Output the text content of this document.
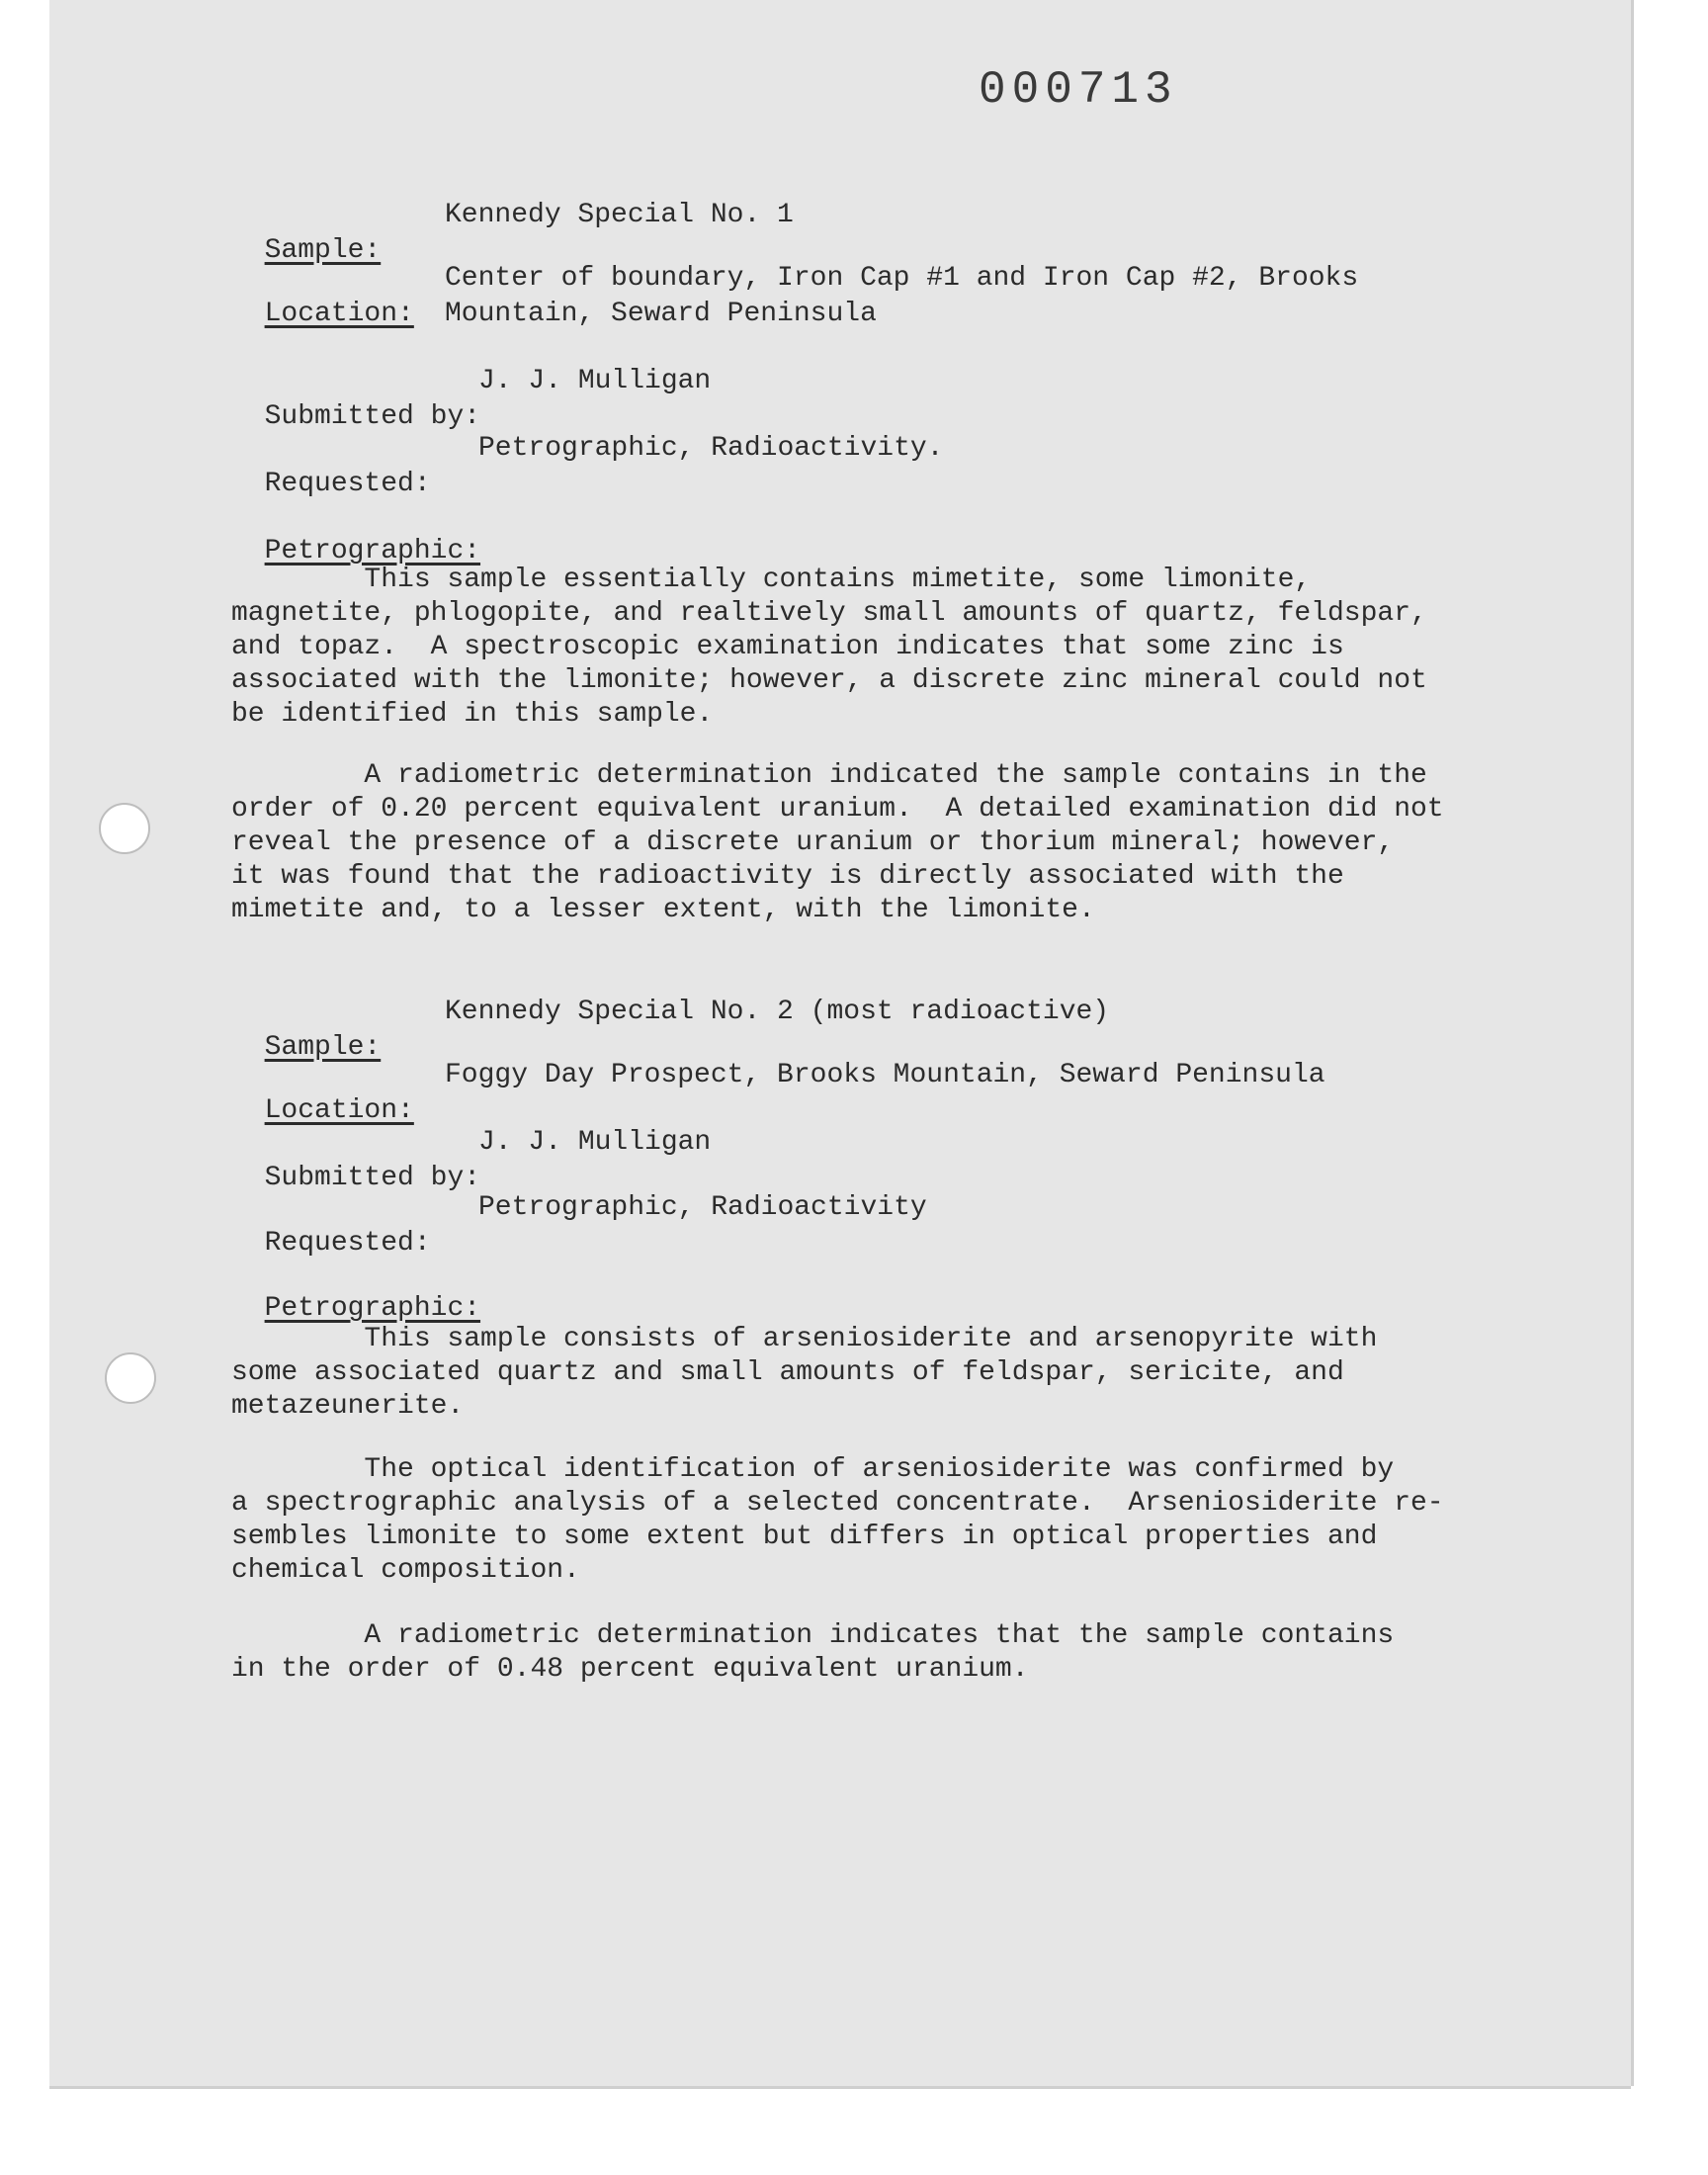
000713

Sample:

Kennedy Special No. 1

Location:

Center of boundary, Iron Cap #1 and Iron Cap #2, Brooks
Mountain, Seward Peninsula

Submitted by:

J. J. Mulligan

Requested:

Petrographic, Radioactivity.

Petrographic:

This sample essentially contains mimetite, some limonite,
magnetite, phlogopite, and realtively small amounts of quartz, feldspar,
and topaz.  A spectroscopic examination indicates that some zinc is
associated with the limonite; however, a discrete zinc mineral could not
be identified in this sample.
A radiometric determination indicated the sample contains in the
order of 0.20 percent equivalent uranium.  A detailed examination did not
reveal the presence of a discrete uranium or thorium mineral; however,
it was found that the radioactivity is directly associated with the
mimetite and, to a lesser extent, with the limonite.

Sample:

Kennedy Special No. 2 (most radioactive)

Location:

Foggy Day Prospect, Brooks Mountain, Seward Peninsula

Submitted by:

J. J. Mulligan

Requested:

Petrographic, Radioactivity

Petrographic:

This sample consists of arseniosiderite and arsenopyrite with
some associated quartz and small amounts of feldspar, sericite, and
metazeunerite.
The optical identification of arseniosiderite was confirmed by
a spectrographic analysis of a selected concentrate.  Arseniosiderite re-
sembles limonite to some extent but differs in optical properties and
chemical composition.
A radiometric determination indicates that the sample contains
in the order of 0.48 percent equivalent uranium.
